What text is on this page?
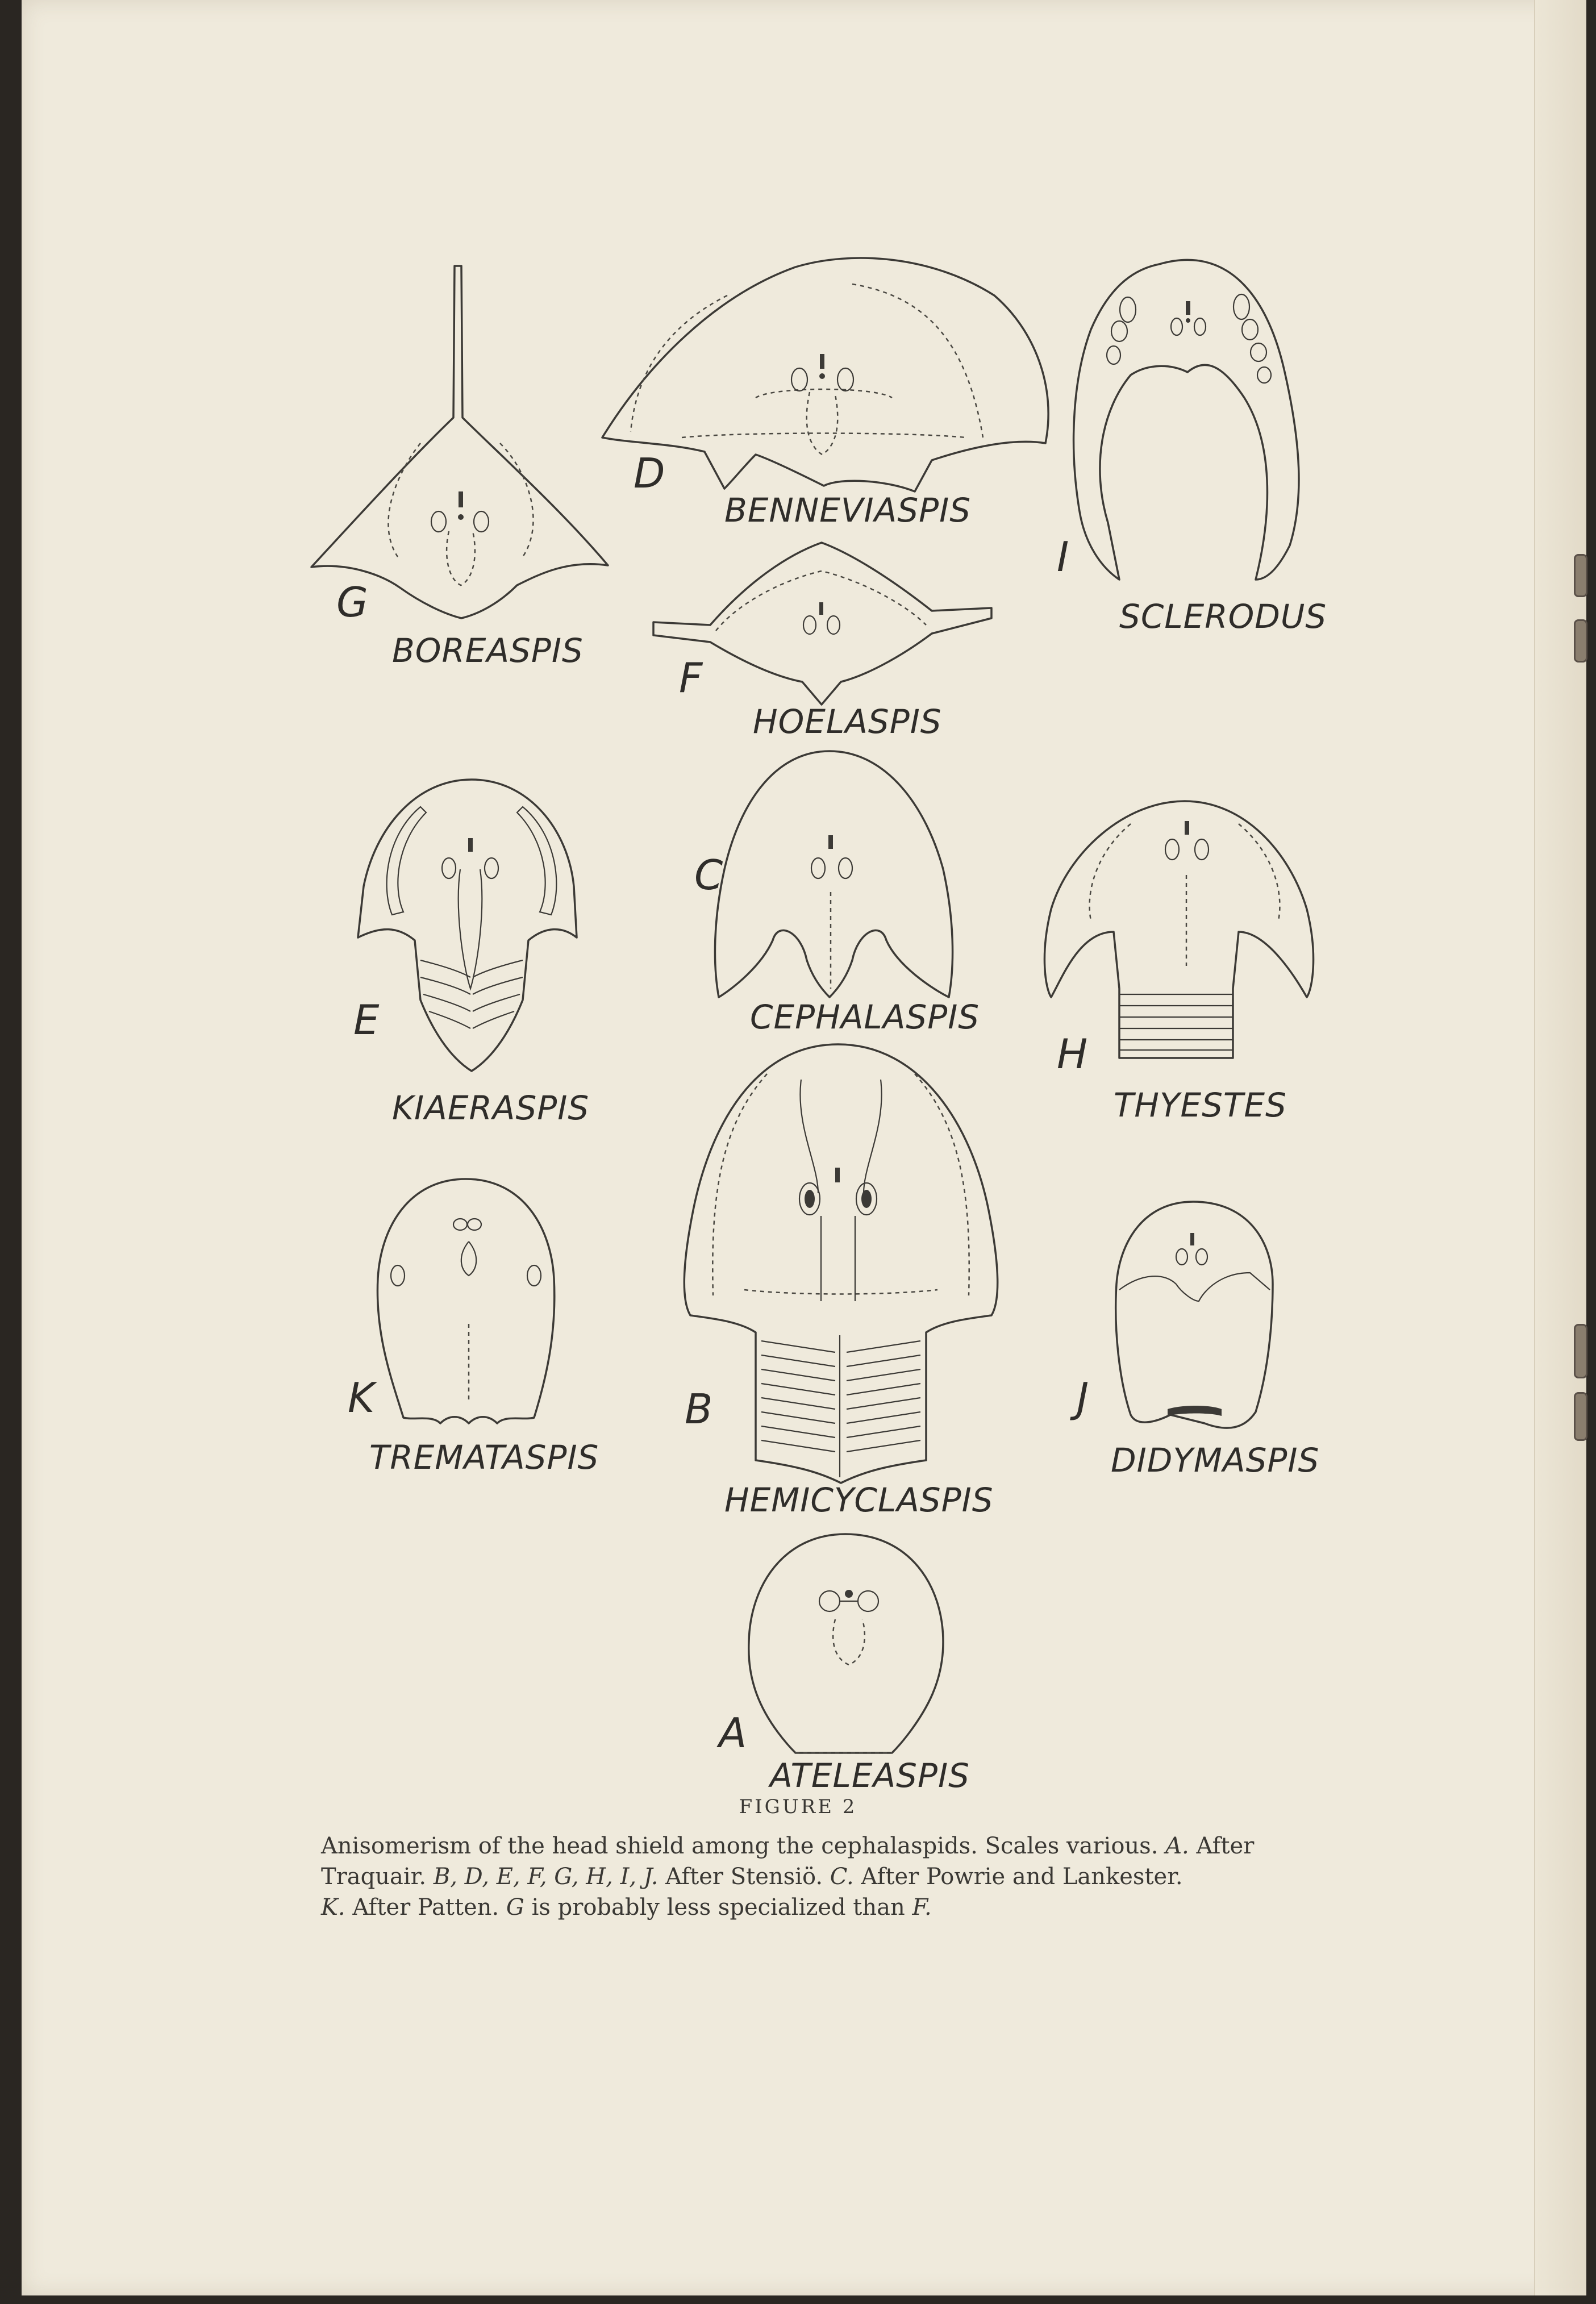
G
BOREASPIS
D
BENNEVIASPIS
I
SCLERODUS
F
HOELASPIS
E
KIAERASPIS
C
CEPHALASPIS
H
THYESTES
K
TREMATASPIS
B
HEMICYCLASPIS
J
DIDYMASPIS
A
ATELEASPIS
FIGURE 2
Anisomerism of the head shield among the cephalaspids. Scales various. A. After
Traquair. B, D, E, F, G, H, I, J. After Stensiö. C. After Powrie and Lankester.
K. After Patten. G is probably less specialized than F.
